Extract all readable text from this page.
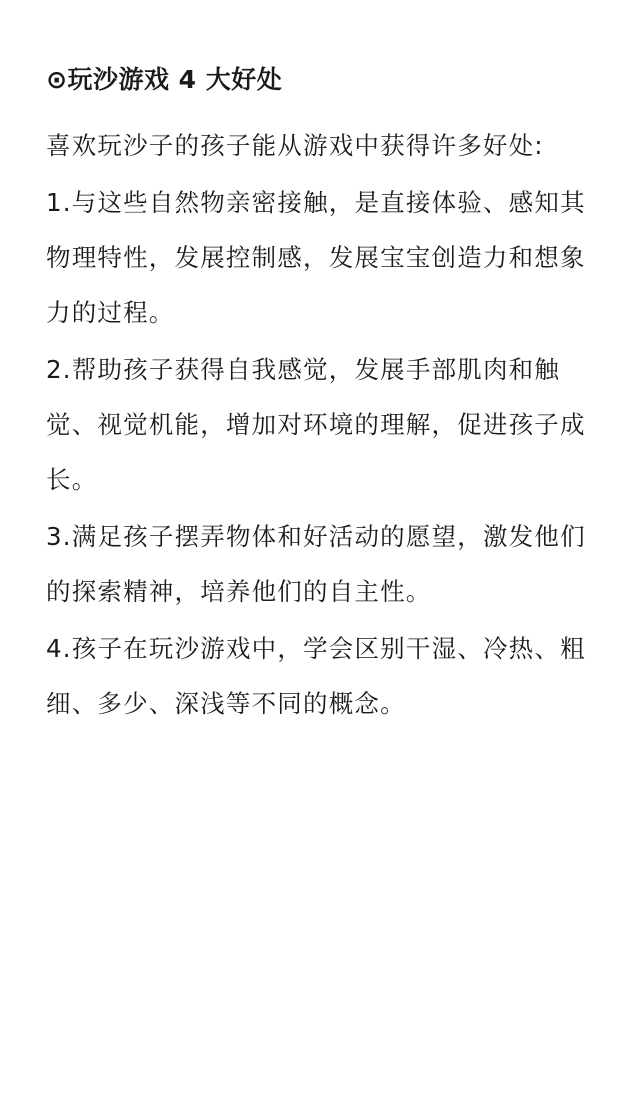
⊙玩沙游戏 4 大好处
喜欢玩沙子的孩子能从游戏中获得许多好处:
1.与这些自然物亲密接触，是直接体验、感知其物理特性，发展控制感，发展宝宝创造力和想象力的过程。
2.帮助孩子获得自我感觉，发展手部肌肉和触觉、视觉机能，增加对环境的理解，促进孩子成长。
3.满足孩子摆弄物体和好活动的愿望，激发他们的探索精神，培养他们的自主性。
4.孩子在玩沙游戏中，学会区别干湿、冷热、粗细、多少、深浅等不同的概念。
